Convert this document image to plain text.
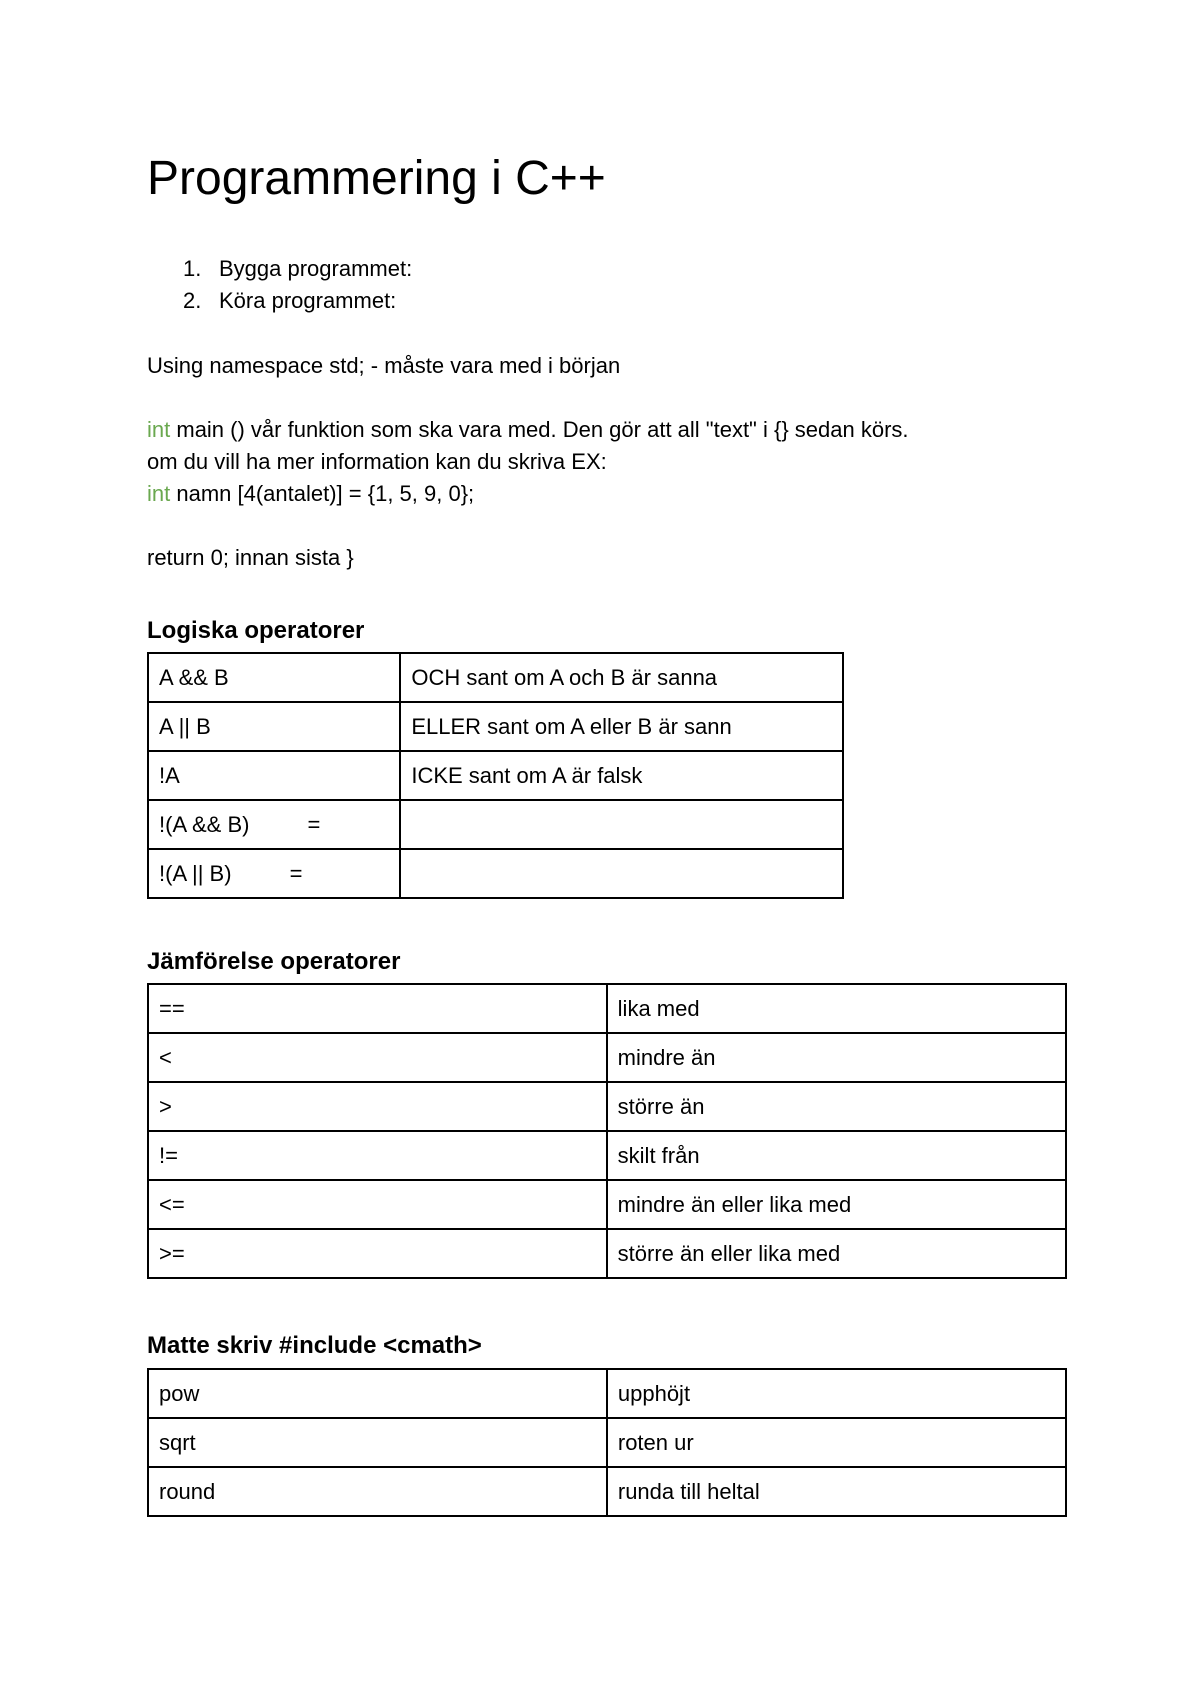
Programmering i C++
1. Bygga programmet:
2. Köra programmet:

Using namespace std; - måste vara med i början

int main () vår funktion som ska vara med. Den gör att all "text" i {} sedan körs.

om du vill ha mer information kan du skriva EX:

int namn [4(antalet)] = {1, 5, 9, 0};

return 0; innan sista }

Logiska operatorer
A && B	OCH sant om A och B är sanna
A || B	ELLER sant om A eller B är sann
!A	ICKE sant om A är falsk
!(A && B) =	
!(A || B) =	
Jämförelse operatorer
==	lika med
<	mindre än
>	större än
!=	skilt från
<=	mindre än eller lika med
>=	större än eller lika med
Matte skriv #include <cmath>
pow	upphöjt
sqrt	roten ur
round	runda till heltal
